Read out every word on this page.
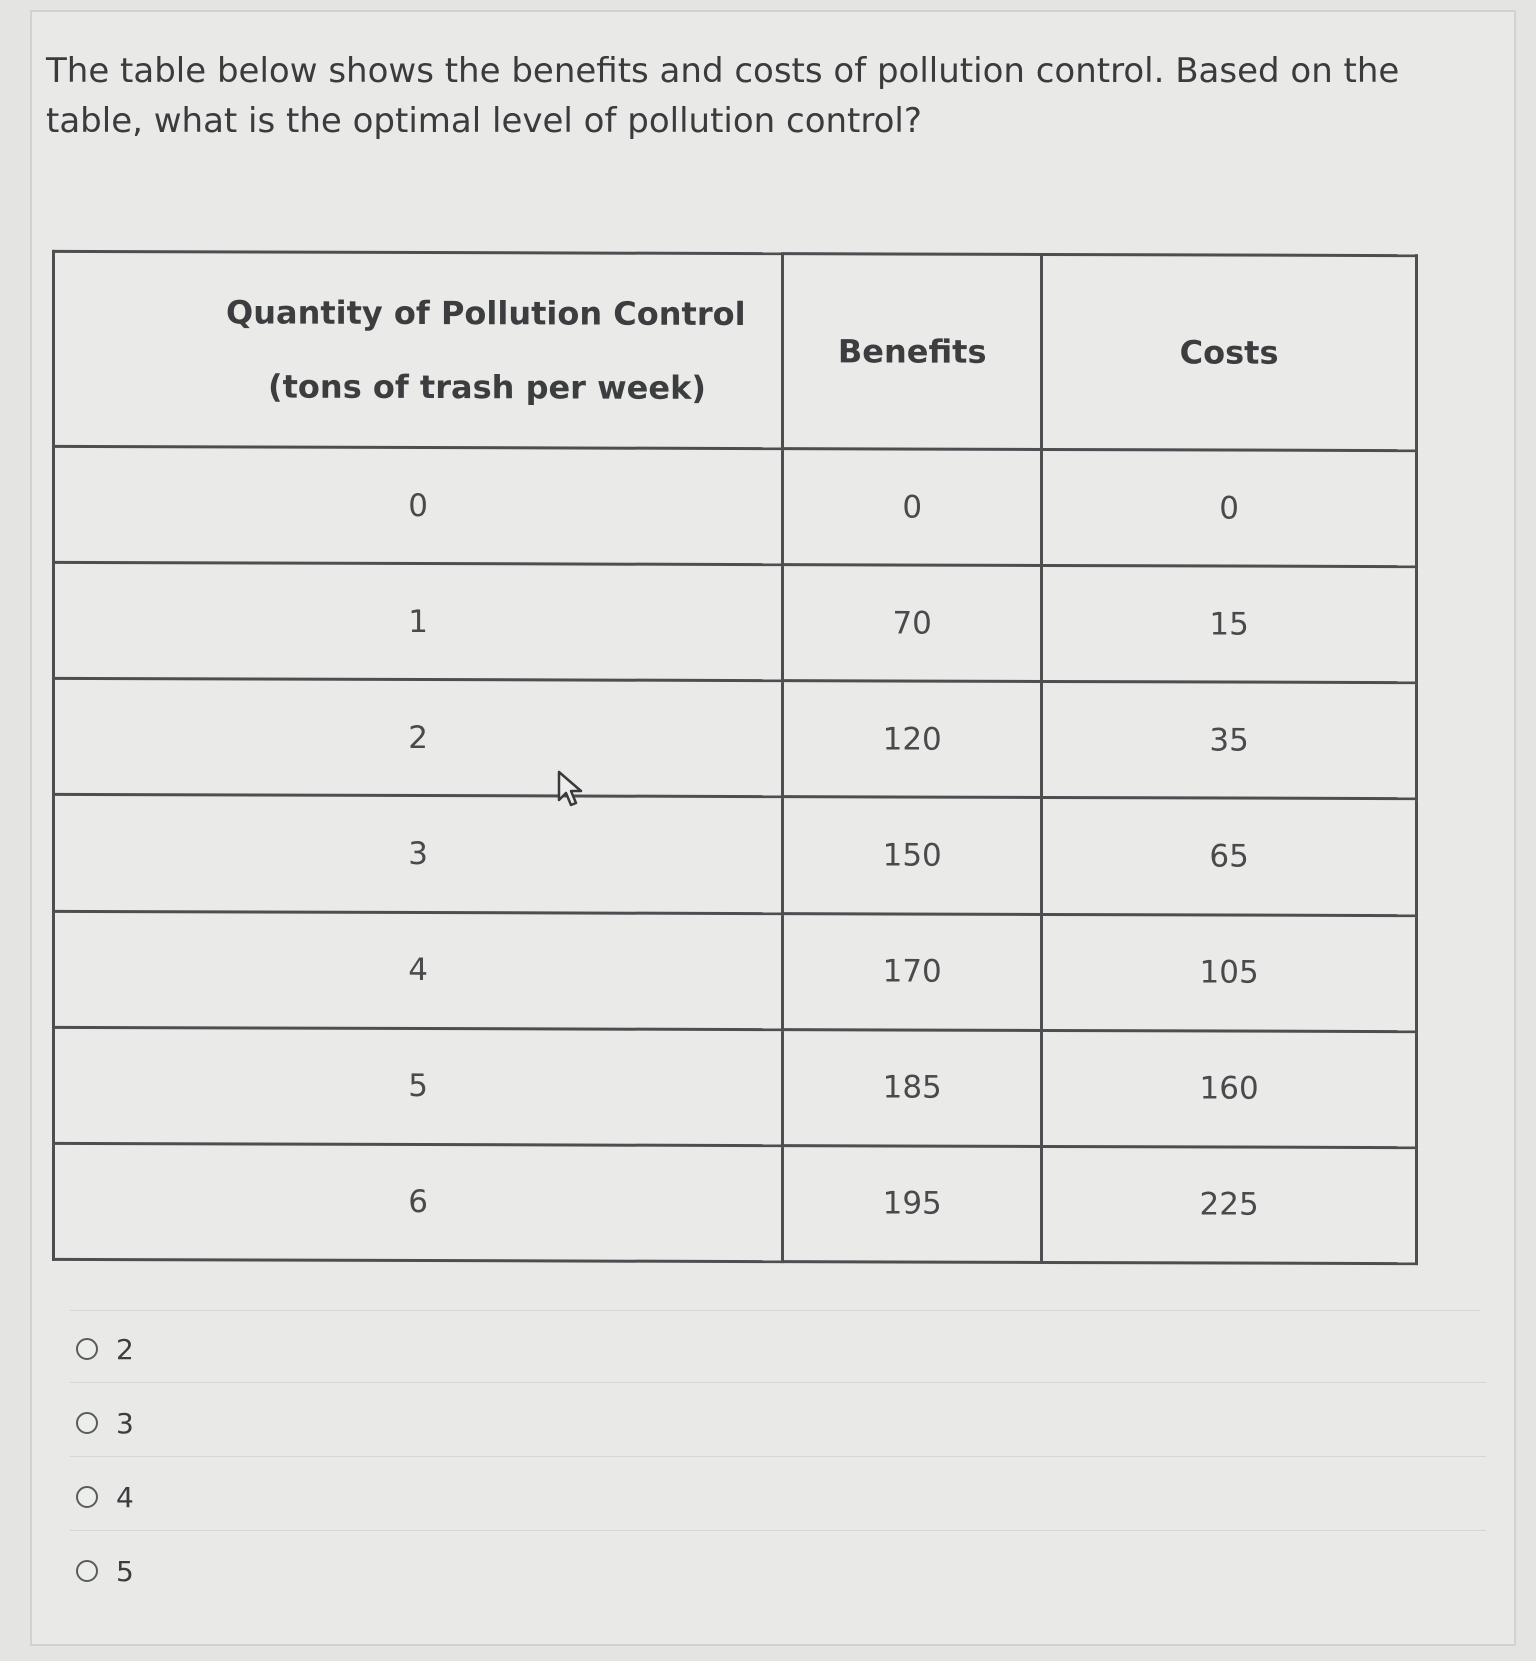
The table below shows the benefits and costs of pollution control. Based on the table, what is the optimal level of pollution control?

Quantity of Pollution Control
(tons of trash per week)	Benefits	Costs
0	0	0
1	70	15
2	120	35
3	150	65
4	170	105
5	185	160
6	195	225
2
3
4
5
